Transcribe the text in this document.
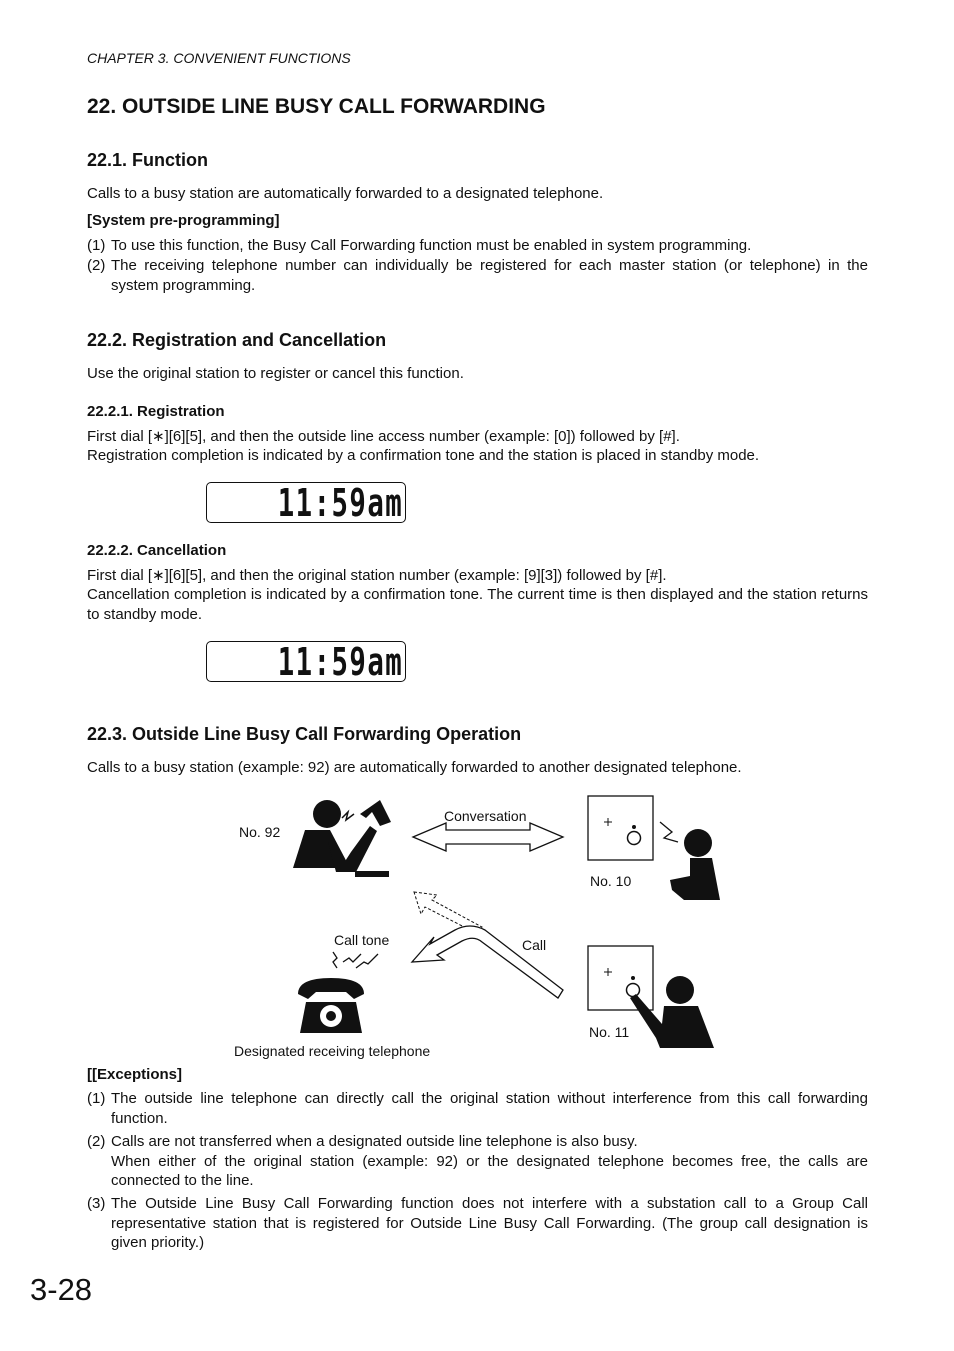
CHAPTER 3. CONVENIENT FUNCTIONS
22. OUTSIDE LINE BUSY CALL FORWARDING
22.1. Function
Calls to a busy station are automatically forwarded to a designated telephone.
[System pre-programming]
(1) To use this function, the Busy Call Forwarding function must be enabled in system programming.
(2) The receiving telephone number can individually be registered for each master station (or telephone) in the system programming.
22.2. Registration and Cancellation
Use the original station to register or cancel this function.
22.2.1. Registration
First dial [∗][6][5], and then the outside line access number (example: [0]) followed by [#].
Registration completion is indicated by a confirmation tone and the station is placed in standby mode.
11:59am
22.2.2. Cancellation
First dial [∗][6][5], and then the original station number (example: [9][3]) followed by [#].
Cancellation completion is indicated by a confirmation tone. The current time is then displayed and the station returns to standby mode.
11:59am
22.3. Outside Line Busy Call Forwarding Operation
Calls to a busy station (example: 92) are automatically forwarded to another designated telephone.
No. 92
Conversation
No. 10
Call tone	Call
No. 11
Designated receiving telephone
[[Exceptions]
(1) The outside line telephone can directly call the original station without interference from this call forwarding function.
(2) Calls are not transferred when a designated outside line telephone is also busy.
When either of the original station (example: 92) or the designated telephone becomes free, the calls are connected to the line.
(3) The Outside Line Busy Call Forwarding function does not interfere with a substation call to a Group Call representative station that is registered for Outside Line Busy Call Forwarding. (The group call designation is given priority.)
3-28
